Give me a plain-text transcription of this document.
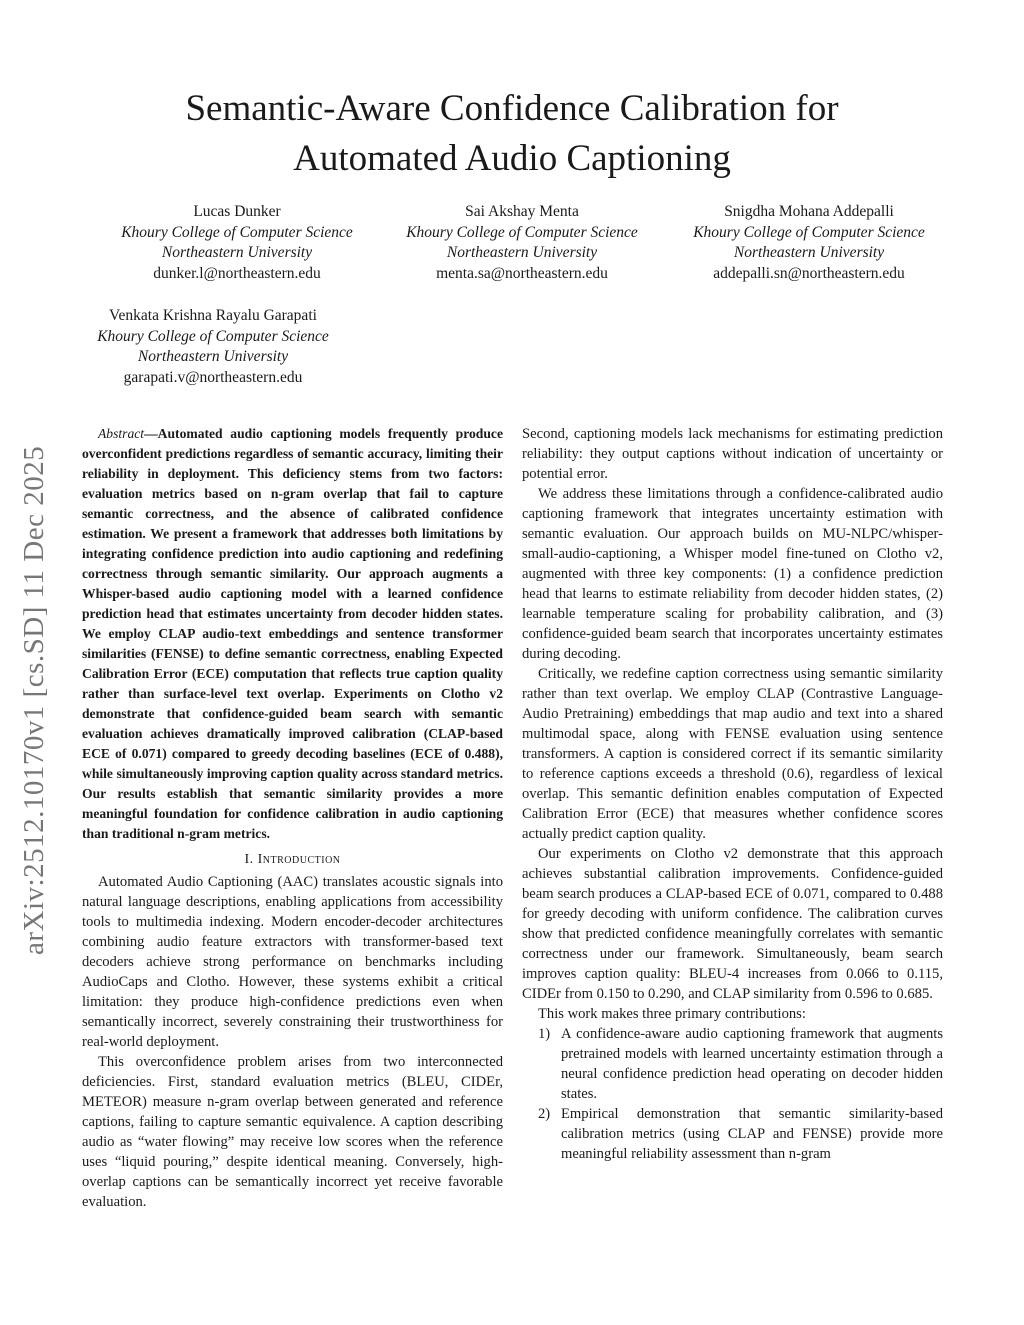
Semantic-Aware Confidence Calibration for
Automated Audio Captioning
Lucas Dunker
Khoury College of Computer Science
Northeastern University
dunker.l@northeastern.edu
Sai Akshay Menta
Khoury College of Computer Science
Northeastern University
menta.sa@northeastern.edu
Snigdha Mohana Addepalli
Khoury College of Computer Science
Northeastern University
addepalli.sn@northeastern.edu
Venkata Krishna Rayalu Garapati
Khoury College of Computer Science
Northeastern University
garapati.v@northeastern.edu
arXiv:2512.10170v1 [cs.SD] 11 Dec 2025
Abstract—Automated audio captioning models frequently produce overconfident predictions regardless of semantic accuracy, limiting their reliability in deployment. This deficiency stems from two factors: evaluation metrics based on n-gram overlap that fail to capture semantic correctness, and the absence of calibrated confidence estimation. We present a framework that addresses both limitations by integrating confidence prediction into audio captioning and redefining correctness through semantic similarity. Our approach augments a Whisper-based audio captioning model with a learned confidence prediction head that estimates uncertainty from decoder hidden states. We employ CLAP audio-text embeddings and sentence transformer similarities (FENSE) to define semantic correctness, enabling Expected Calibration Error (ECE) computation that reflects true caption quality rather than surface-level text overlap. Experiments on Clotho v2 demonstrate that confidence-guided beam search with semantic evaluation achieves dramatically improved calibration (CLAP-based ECE of 0.071) compared to greedy decoding baselines (ECE of 0.488), while simultaneously improving caption quality across standard metrics. Our results establish that semantic similarity provides a more meaningful foundation for confidence calibration in audio captioning than traditional n-gram metrics.
I. Introduction

Automated Audio Captioning (AAC) translates acoustic signals into natural language descriptions, enabling applications from accessibility tools to multimedia indexing. Modern encoder-decoder architectures combining audio feature extractors with transformer-based text decoders achieve strong performance on benchmarks including AudioCaps and Clotho. However, these systems exhibit a critical limitation: they produce high-confidence predictions even when semantically incorrect, severely constraining their trustworthiness for real-world deployment.

This overconfidence problem arises from two interconnected deficiencies. First, standard evaluation metrics (BLEU, CIDEr, METEOR) measure n-gram overlap between generated and reference captions, failing to capture semantic equivalence. A caption describing audio as “water flowing” may receive low scores when the reference uses “liquid pouring,” despite identical meaning. Conversely, high-overlap captions can be semantically incorrect yet receive favorable evaluation.

Second, captioning models lack mechanisms for estimating prediction reliability: they output captions without indication of uncertainty or potential error.

We address these limitations through a confidence-calibrated audio captioning framework that integrates uncertainty estimation with semantic evaluation. Our approach builds on MU-NLPC/whisper-small-audio-captioning, a Whisper model fine-tuned on Clotho v2, augmented with three key components: (1) a confidence prediction head that learns to estimate reliability from decoder hidden states, (2) learnable temperature scaling for probability calibration, and (3) confidence-guided beam search that incorporates uncertainty estimates during decoding.

Critically, we redefine caption correctness using semantic similarity rather than text overlap. We employ CLAP (Contrastive Language-Audio Pretraining) embeddings that map audio and text into a shared multimodal space, along with FENSE evaluation using sentence transformers. A caption is considered correct if its semantic similarity to reference captions exceeds a threshold (0.6), regardless of lexical overlap. This semantic definition enables computation of Expected Calibration Error (ECE) that measures whether confidence scores actually predict caption quality.

Our experiments on Clotho v2 demonstrate that this approach achieves substantial calibration improvements. Confidence-guided beam search produces a CLAP-based ECE of 0.071, compared to 0.488 for greedy decoding with uniform confidence. The calibration curves show that predicted confidence meaningfully correlates with semantic correctness under our framework. Simultaneously, beam search improves caption quality: BLEU-4 increases from 0.066 to 0.115, CIDEr from 0.150 to 0.290, and CLAP similarity from 0.596 to 0.685.

This work makes three primary contributions:

1) A confidence-aware audio captioning framework that augments pretrained models with learned uncertainty estimation through a neural confidence prediction head operating on decoder hidden states.
2) Empirical demonstration that semantic similarity-based calibration metrics (using CLAP and FENSE) provide more meaningful reliability assessment than n-gram
